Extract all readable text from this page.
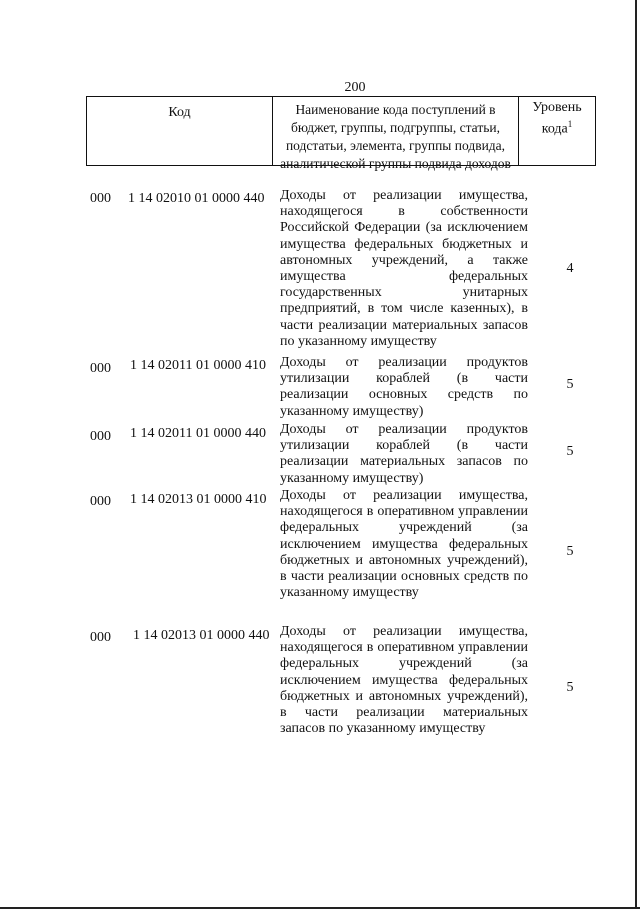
200
Код	Наименование кода поступлений в бюджет, группы, подгруппы, статьи, подстатьи, элемента, группы подвида, аналитической группы подвида доходов
Уровень кода$^1$
000 1 14 02010 01 0000 440 Доходы от реализации имущества, находящегося в собственности Российской Федерации (за исключением имущества федеральных бюджетных и автономных учреждений, а также имущества федеральных государственных унитарных предприятий, в том числе казенных), в части реализации материальных запасов по указанному имуществу
4
000 1 14 02011 01 0000 410 Доходы от реализации продуктов утилизации кораблей (в части реализации основных средств по указанному имуществу)
5
000 1 14 02011 01 0000 440 Доходы от реализации продуктов утилизации кораблей (в части реализации материальных запасов по указанному имуществу)
5
000 1 14 02013 01 0000 410 Доходы от реализации имущества, находящегося в оперативном управлении федеральных учреждений (за исключением имущества федеральных бюджетных и автономных учреждений), в части реализации основных средств по указанному имуществу
5
000 1 14 02013 01 0000 440 Доходы от реализации имущества, находящегося в оперативном управлении федеральных учреждений (за исключением имущества федеральных бюджетных и автономных учреждений), в части реализации материальных запасов по указанному имуществу
5
